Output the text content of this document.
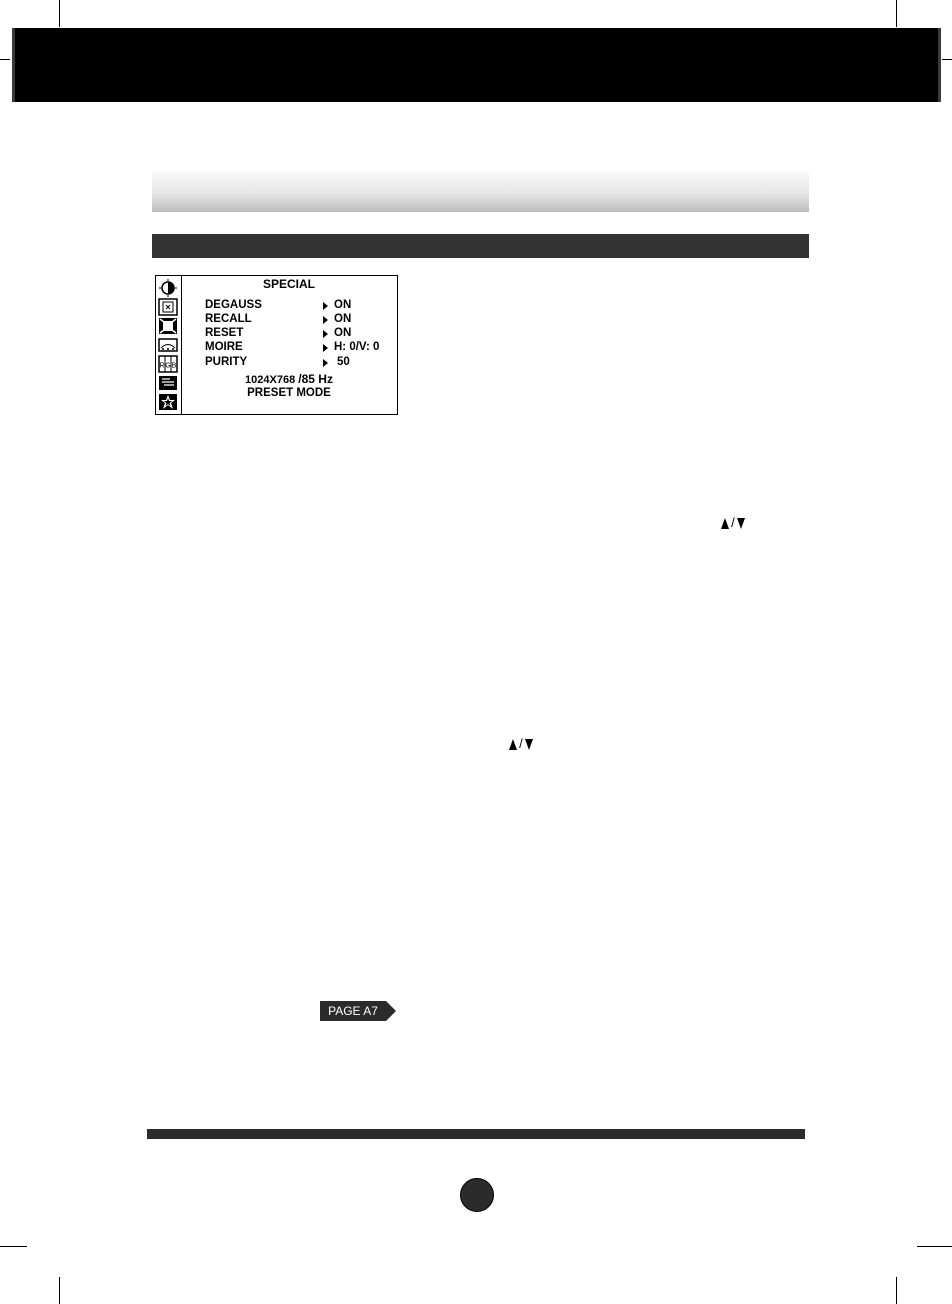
R G B
SPECIAL
DEGAUSS	ON
RECALL	ON
RESET	ON
MOIRE	H: 0/V: 0
PURITY	50
1024X768 /85 Hz
PRESET MODE
 / 
 / 
PAGE A7
